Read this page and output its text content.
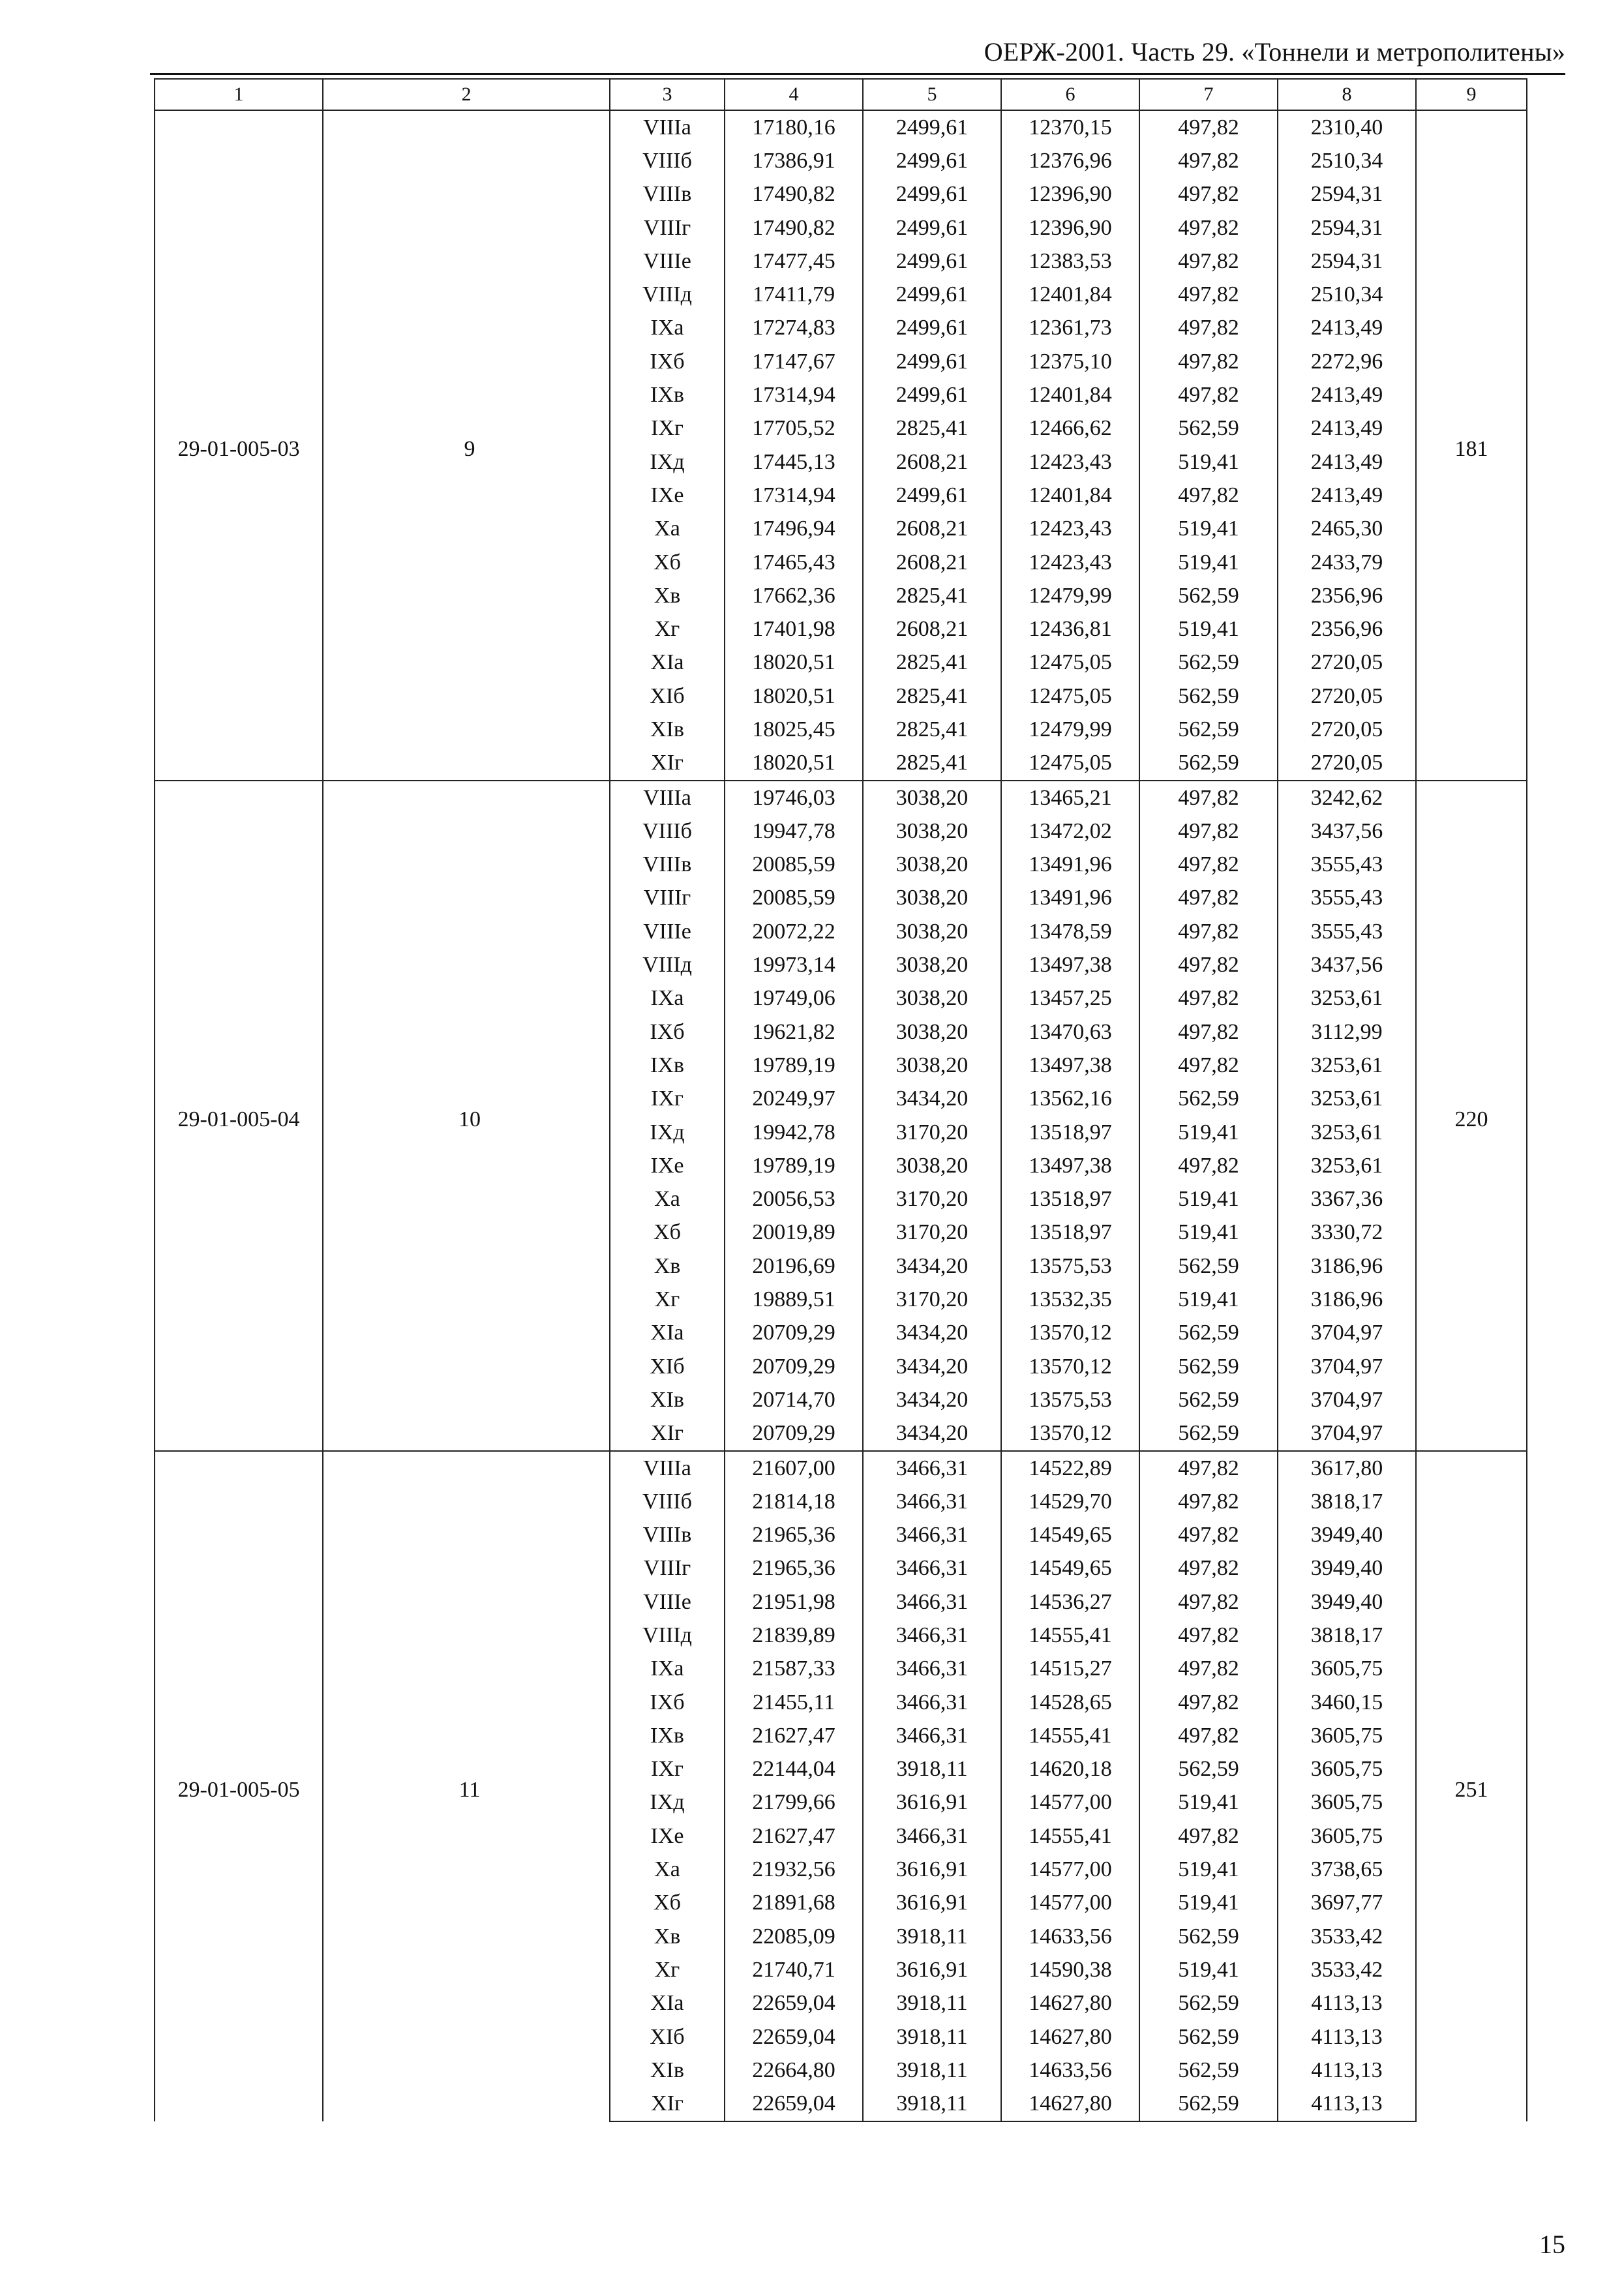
ОЕРЖ-2001. Часть 29. «Тоннели и метрополитены»
1	2	3	4	5	6	7	8	9
29-01-005-03	9	VIIIа	17180,16	2499,61	12370,15	497,82	2310,40	181
		VIIIб	17386,91	2499,61	12376,96	497,82	2510,34	
		VIIIв	17490,82	2499,61	12396,90	497,82	2594,31	
		VIIIг	17490,82	2499,61	12396,90	497,82	2594,31	
		VIIIе	17477,45	2499,61	12383,53	497,82	2594,31	
		VIIIд	17411,79	2499,61	12401,84	497,82	2510,34	
		IXа	17274,83	2499,61	12361,73	497,82	2413,49	
		IXб	17147,67	2499,61	12375,10	497,82	2272,96	
		IXв	17314,94	2499,61	12401,84	497,82	2413,49	
		IXг	17705,52	2825,41	12466,62	562,59	2413,49	
		IXд	17445,13	2608,21	12423,43	519,41	2413,49	
		IXе	17314,94	2499,61	12401,84	497,82	2413,49	
		Xа	17496,94	2608,21	12423,43	519,41	2465,30	
		Xб	17465,43	2608,21	12423,43	519,41	2433,79	
		Xв	17662,36	2825,41	12479,99	562,59	2356,96	
		Xг	17401,98	2608,21	12436,81	519,41	2356,96	
		XIа	18020,51	2825,41	12475,05	562,59	2720,05	
		XIб	18020,51	2825,41	12475,05	562,59	2720,05	
		XIв	18025,45	2825,41	12479,99	562,59	2720,05	
		XIг	18020,51	2825,41	12475,05	562,59	2720,05	
29-01-005-04	10	VIIIа	19746,03	3038,20	13465,21	497,82	3242,62	220
		VIIIб	19947,78	3038,20	13472,02	497,82	3437,56	
		VIIIв	20085,59	3038,20	13491,96	497,82	3555,43	
		VIIIг	20085,59	3038,20	13491,96	497,82	3555,43	
		VIIIе	20072,22	3038,20	13478,59	497,82	3555,43	
		VIIIд	19973,14	3038,20	13497,38	497,82	3437,56	
		IXа	19749,06	3038,20	13457,25	497,82	3253,61	
		IXб	19621,82	3038,20	13470,63	497,82	3112,99	
		IXв	19789,19	3038,20	13497,38	497,82	3253,61	
		IXг	20249,97	3434,20	13562,16	562,59	3253,61	
		IXд	19942,78	3170,20	13518,97	519,41	3253,61	
		IXе	19789,19	3038,20	13497,38	497,82	3253,61	
		Xа	20056,53	3170,20	13518,97	519,41	3367,36	
		Xб	20019,89	3170,20	13518,97	519,41	3330,72	
		Xв	20196,69	3434,20	13575,53	562,59	3186,96	
		Xг	19889,51	3170,20	13532,35	519,41	3186,96	
		XIа	20709,29	3434,20	13570,12	562,59	3704,97	
		XIб	20709,29	3434,20	13570,12	562,59	3704,97	
		XIв	20714,70	3434,20	13575,53	562,59	3704,97	
		XIг	20709,29	3434,20	13570,12	562,59	3704,97	
29-01-005-05	11	VIIIа	21607,00	3466,31	14522,89	497,82	3617,80	251
		VIIIб	21814,18	3466,31	14529,70	497,82	3818,17	
		VIIIв	21965,36	3466,31	14549,65	497,82	3949,40	
		VIIIг	21965,36	3466,31	14549,65	497,82	3949,40	
		VIIIе	21951,98	3466,31	14536,27	497,82	3949,40	
		VIIIд	21839,89	3466,31	14555,41	497,82	3818,17	
		IXа	21587,33	3466,31	14515,27	497,82	3605,75	
		IXб	21455,11	3466,31	14528,65	497,82	3460,15	
		IXв	21627,47	3466,31	14555,41	497,82	3605,75	
		IXг	22144,04	3918,11	14620,18	562,59	3605,75	
		IXд	21799,66	3616,91	14577,00	519,41	3605,75	
		IXе	21627,47	3466,31	14555,41	497,82	3605,75	
		Xа	21932,56	3616,91	14577,00	519,41	3738,65	
		Xб	21891,68	3616,91	14577,00	519,41	3697,77	
		Xв	22085,09	3918,11	14633,56	562,59	3533,42	
		Xг	21740,71	3616,91	14590,38	519,41	3533,42	
		XIа	22659,04	3918,11	14627,80	562,59	4113,13	
		XIб	22659,04	3918,11	14627,80	562,59	4113,13	
		XIв	22664,80	3918,11	14633,56	562,59	4113,13	
		XIг	22659,04	3918,11	14627,80	562,59	4113,13	
15
